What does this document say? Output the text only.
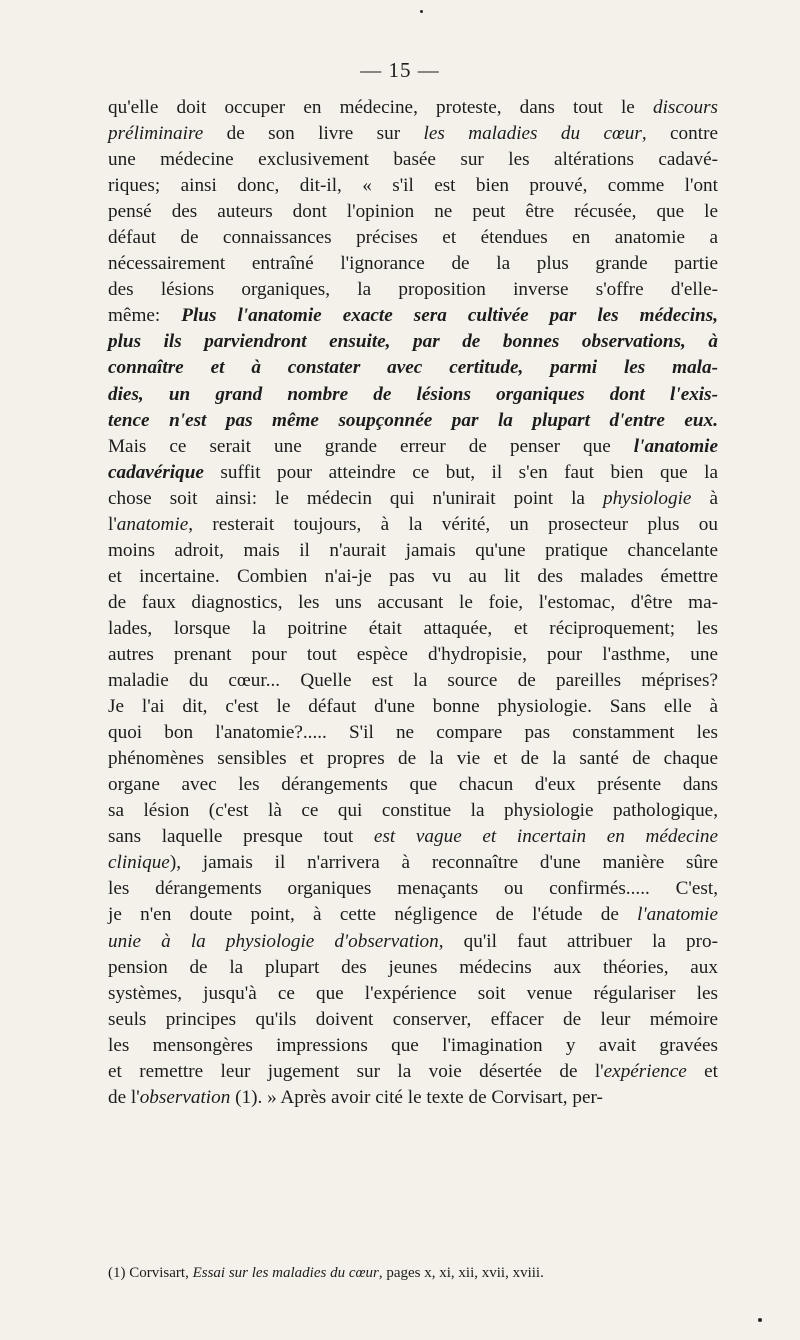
— 15 —
qu'elle doit occuper en médecine, proteste, dans tout le discours
préliminaire de son livre sur les maladies du cœur, contre
une médecine exclusivement basée sur les altérations cadavé-
riques; ainsi donc, dit-il, « s'il est bien prouvé, comme l'ont
pensé des auteurs dont l'opinion ne peut être récusée, que le
défaut de connaissances précises et étendues en anatomie a
nécessairement entraîné l'ignorance de la plus grande partie
des lésions organiques, la proposition inverse s'offre d'elle-
même: Plus l'anatomie exacte sera cultivée par les médecins,
plus ils parviendront ensuite, par de bonnes observations, à
connaître et à constater avec certitude, parmi les mala-
dies, un grand nombre de lésions organiques dont l'exis-
tence n'est pas même soupçonnée par la plupart d'entre eux.
Mais ce serait une grande erreur de penser que l'anatomie
cadavérique suffit pour atteindre ce but, il s'en faut bien que la
chose soit ainsi: le médecin qui n'unirait point la physiologie à
l'anatomie, resterait toujours, à la vérité, un prosecteur plus ou
moins adroit, mais il n'aurait jamais qu'une pratique chancelante
et incertaine. Combien n'ai-je pas vu au lit des malades émettre
de faux diagnostics, les uns accusant le foie, l'estomac, d'être ma-
lades, lorsque la poitrine était attaquée, et réciproquement; les
autres prenant pour tout espèce d'hydropisie, pour l'asthme, une
maladie du cœur... Quelle est la source de pareilles méprises?
Je l'ai dit, c'est le défaut d'une bonne physiologie. Sans elle à
quoi bon l'anatomie?..... S'il ne compare pas constamment les
phénomènes sensibles et propres de la vie et de la santé de chaque
organe avec les dérangements que chacun d'eux présente dans
sa lésion (c'est là ce qui constitue la physiologie pathologique,
sans laquelle presque tout est vague et incertain en médecine
clinique), jamais il n'arrivera à reconnaître d'une manière sûre
les dérangements organiques menaçants ou confirmés..... C'est,
je n'en doute point, à cette négligence de l'étude de l'anatomie
unie à la physiologie d'observation, qu'il faut attribuer la pro-
pension de la plupart des jeunes médecins aux théories, aux
systèmes, jusqu'à ce que l'expérience soit venue régulariser les
seuls principes qu'ils doivent conserver, effacer de leur mémoire
les mensongères impressions que l'imagination y avait gravées
et remettre leur jugement sur la voie désertée de l'expérience et
de l'observation (1). » Après avoir cité le texte de Corvisart, per-
(1) Corvisart, Essai sur les maladies du cœur, pages x, xi, xii, xvii, xviii.
